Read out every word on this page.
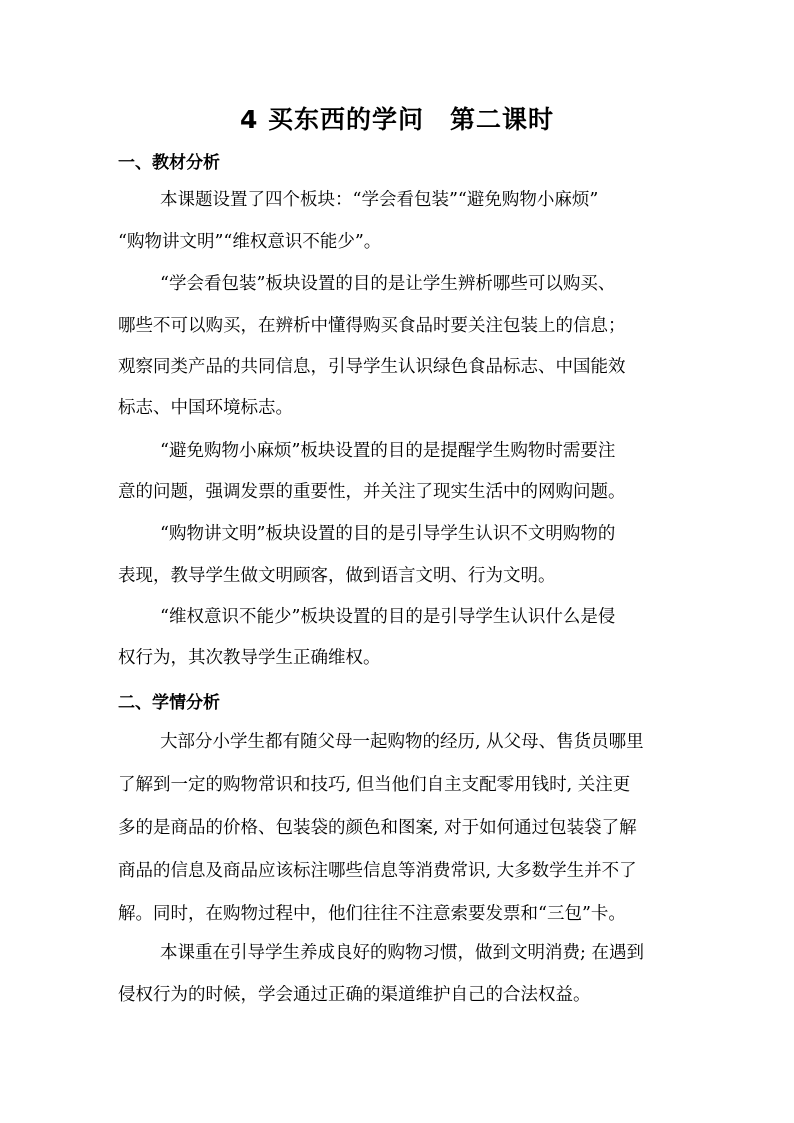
4 买东西的学问　第二课时
一、教材分析
本课题设置了四个板块：“学会看包装”“避免购物小麻烦”
“购物讲文明”“维权意识不能少”。
“学会看包装”板块设置的目的是让学生辨析哪些可以购买、
哪些不可以购买，在辨析中懂得购买食品时要关注包装上的信息；
观察同类产品的共同信息，引导学生认识绿色食品标志、中国能效
标志、中国环境标志。
“避免购物小麻烦”板块设置的目的是提醒学生购物时需要注
意的问题，强调发票的重要性，并关注了现实生活中的网购问题。
“购物讲文明”板块设置的目的是引导学生认识不文明购物的
表现，教导学生做文明顾客，做到语言文明、行为文明。
“维权意识不能少”板块设置的目的是引导学生认识什么是侵
权行为，其次教导学生正确维权。
二、学情分析
大部分小学生都有随父母一起购物的经历, 从父母、售货员哪里
了解到一定的购物常识和技巧, 但当他们自主支配零用钱时, 关注更
多的是商品的价格、包装袋的颜色和图案, 对于如何通过包装袋了解
商品的信息及商品应该标注哪些信息等消费常识, 大多数学生并不了
解。同时，在购物过程中，他们往往不注意索要发票和“三包”卡。
本课重在引导学生养成良好的购物习惯，做到文明消费; 在遇到
侵权行为的时候，学会通过正确的渠道维护自己的合法权益。
